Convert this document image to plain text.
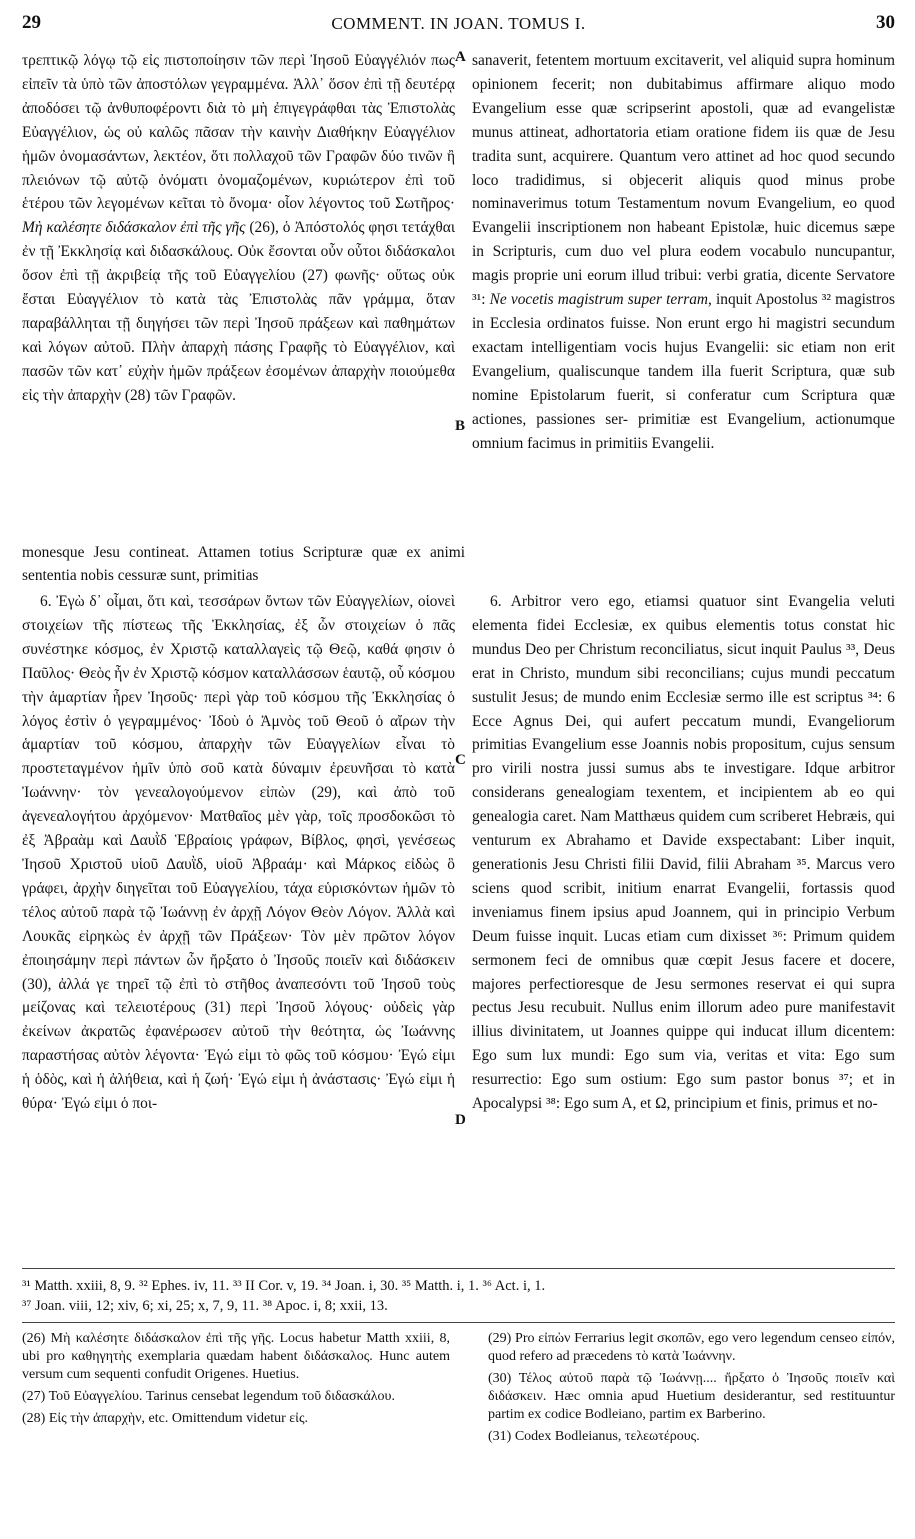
29	COMMENT. IN JOAN. TOMUS I.	30

τρεπτικῷ λόγῳ τῷ εἰς πιστοποίησιν τῶν περὶ Ἰησοῦ Εὐαγγέλιόν πως εἰπεῖν τὰ ὑπὸ τῶν ἀποστόλων γεγραμμένα. Ἀλλ᾽ ὅσον ἐπὶ τῇ δευτέρᾳ ἀποδόσει τῷ ἀνθυποφέροντι διὰ τὸ μὴ ἐπιγεγράφθαι τὰς Ἐπιστολὰς Εὐαγγέλιον, ὡς οὐ καλῶς πᾶσαν τὴν καινὴν Διαθήκην Εὐαγγέλιον ἡμῶν ὀνομασάντων, λεκτέον, ὅτι πολλαχοῦ τῶν Γραφῶν δύο τινῶν ἢ πλειόνων τῷ αὐτῷ ὀνόματι ὀνομαζομένων, κυριώτερον ἐπὶ τοῦ ἑτέρου τῶν λεγομένων κεῖται τὸ ὄνομα· οἷον λέγοντος τοῦ Σωτῆρος· Μὴ καλέσητε διδάσκαλον ἐπὶ τῆς γῆς (26), ὁ Ἀπόστολός φησι τετάχθαι ἐν τῇ Ἐκκλησίᾳ καὶ διδασκάλους. Οὐκ ἔσονται οὖν οὗτοι διδάσκαλοι ὅσον ἐπὶ τῇ ἀκριβείᾳ τῆς τοῦ Εὐαγγελίου (27) φωνῆς· οὕτως οὐκ ἔσται Εὐαγγέλιον τὸ κατὰ τὰς Ἐπιστολὰς πᾶν γράμμα, ὅταν παραβάλληται τῇ διηγήσει τῶν περὶ Ἰησοῦ πράξεων καὶ παθημάτων καὶ λόγων αὐτοῦ. Πλὴν ἀπαρχὴ πάσης Γραφῆς τὸ Εὐαγγέλιον, καὶ πασῶν τῶν κατ᾽ εὐχὴν ἡμῶν πράξεων ἐσομένων ἀπαρχὴν ποιούμεθα εἰς τὴν ἀπαρχὴν (28) τῶν Γραφῶν.

sanaverit, fetentem mortuum excitaverit, vel aliquid supra hominum opinionem fecerit; non dubitabimus affirmare aliquo modo Evangelium esse quæ scripserint apostoli, quæ ad evangelistæ munus attineat, adhortatoria etiam oratione fidem iis quæ de Jesu tradita sunt, acquirere. Quantum vero attinet ad hoc quod secundo loco tradidimus, si objecerit aliquis quod minus probe nominaverimus totum Testamentum novum Evangelium, eo quod Evangelii inscriptionem non habeant Epistolæ, huic dicemus sæpe in Scripturis, cum duo vel plura eodem vocabulo nuncupantur, magis proprie uni eorum illud tribui: verbi gratia, dicente Servatore ³¹: Ne vocetis magistrum super terram, inquit Apostolus ³² magistros in Ecclesia ordinatos fuisse. Non erunt ergo hi magistri secundum exactam intelligentiam vocis hujus Evangelii: sic etiam non erit Evangelium, qualiscunque tandem illa fuerit Scriptura, quæ sub nomine Epistolarum fuerit, si conferatur cum Scriptura quæ actiones, passiones ser- primitiæ est Evangelium, actionumque omnium facimus in primitiis Evangelii.

monesque Jesu contineat. Attamen totius Scripturæ quæ ex animi sententia nobis cessuræ sunt, primitias

A
B
C
D

6. Ἐγὼ δ᾽ οἶμαι, ὅτι καὶ, τεσσάρων ὄντων τῶν Εὐαγγελίων, οἱονεὶ στοιχείων τῆς πίστεως τῆς Ἐκκλησίας, ἐξ ὧν στοιχείων ὁ πᾶς συνέστηκε κόσμος, ἐν Χριστῷ καταλλαγεὶς τῷ Θεῷ, καθά φησιν ὁ Παῦλος· Θεὸς ἦν ἐν Χριστῷ κόσμον καταλλάσσων ἑαυτῷ, οὗ κόσμου τὴν ἁμαρτίαν ἦρεν Ἰησοῦς· περὶ γὰρ τοῦ κόσμου τῆς Ἐκκλησίας ὁ λόγος ἐστὶν ὁ γεγραμμένος· Ἰδοὺ ὁ Ἀμνὸς τοῦ Θεοῦ ὁ αἴρων τὴν ἁμαρτίαν τοῦ κόσμου, ἀπαρχὴν τῶν Εὐαγγελίων εἶναι τὸ προστεταγμένον ἡμῖν ὑπὸ σοῦ κατὰ δύναμιν ἐρευνῆσαι τὸ κατὰ Ἰωάννην· τὸν γενεαλογούμενον εἰπὼν (29), καὶ ἀπὸ τοῦ ἀγενεαλογήτου ἀρχόμενον· Ματθαῖος μὲν γὰρ, τοῖς προσδοκῶσι τὸ ἐξ Ἀβραὰμ καὶ Δαυῒδ Ἑβραίοις γράφων, Βίβλος, φησὶ, γενέσεως Ἰησοῦ Χριστοῦ υἱοῦ Δαυῒδ, υἱοῦ Ἀβραάμ· καὶ Μάρκος εἰδὼς ὃ γράφει, ἀρχὴν διηγεῖται τοῦ Εὐαγγελίου, τάχα εὑρισκόντων ἡμῶν τὸ τέλος αὐτοῦ παρὰ τῷ Ἰωάννῃ ἐν ἀρχῇ Λόγον Θεὸν Λόγον. Ἀλλὰ καὶ Λουκᾶς εἰρηκὼς ἐν ἀρχῇ τῶν Πράξεων· Τὸν μὲν πρῶτον λόγον ἐποιησάμην περὶ πάντων ὧν ἤρξατο ὁ Ἰησοῦς ποιεῖν καὶ διδάσκειν (30), ἀλλά γε τηρεῖ τῷ ἐπὶ τὸ στῆθος ἀναπεσόντι τοῦ Ἰησοῦ τοὺς μείζονας καὶ τελειοτέρους (31) περὶ Ἰησοῦ λόγους· οὐδεὶς γὰρ ἐκείνων ἀκρατῶς ἐφανέρωσεν αὐτοῦ τὴν θεότητα, ὡς Ἰωάννης παραστήσας αὐτὸν λέγοντα· Ἐγώ εἰμι τὸ φῶς τοῦ κόσμου· Ἐγώ εἰμι ἡ ὁδὸς, καὶ ἡ ἀλήθεια, καὶ ἡ ζωή· Ἐγώ εἰμι ἡ ἀνάστασις· Ἐγώ εἰμι ἡ θύρα· Ἐγώ εἰμι ὁ ποι-

6. Arbitror vero ego, etiamsi quatuor sint Evangelia veluti elementa fidei Ecclesiæ, ex quibus elementis totus constat hic mundus Deo per Christum reconciliatus, sicut inquit Paulus ³³, Deus erat in Christo, mundum sibi reconcilians; cujus mundi peccatum sustulit Jesus; de mundo enim Ecclesiæ sermo ille est scriptus ³⁴: 6 Ecce Agnus Dei, qui aufert peccatum mundi, Evangeliorum primitias Evangelium esse Joannis nobis propositum, cujus sensum pro virili nostra jussi sumus abs te investigare. Idque arbitror considerans genealogiam texentem, et incipientem ab eo qui genealogia caret. Nam Matthæus quidem cum scriberet Hebræis, qui venturum ex Abrahamo et Davide exspectabant: Liber inquit, generationis Jesu Christi filii David, filii Abraham ³⁵. Marcus vero sciens quod scribit, initium enarrat Evangelii, fortassis quod inveniamus finem ipsius apud Joannem, qui in principio Verbum Deum fuisse inquit. Lucas etiam cum dixisset ³⁶: Primum quidem sermonem feci de omnibus quæ cœpit Jesus facere et docere, majores perfectioresque de Jesu sermones reservat ei qui supra pectus Jesu recubuit. Nullus enim illorum adeo pure manifestavit illius divinitatem, ut Joannes quippe qui inducat illum dicentem: Ego sum lux mundi: Ego sum via, veritas et vita: Ego sum resurrectio: Ego sum ostium: Ego sum pastor bonus ³⁷; et in Apocalypsi ³⁸: Ego sum A, et Ω, principium et finis, primus et no-

³¹ Matth. xxiii, 8, 9. ³² Ephes. iv, 11. ³³ II Cor. v, 19. ³⁴ Joan. i, 30. ³⁵ Matth. i, 1. ³⁶ Act. i, 1.

³⁷ Joan. viii, 12; xiv, 6; xi, 25; x, 7, 9, 11. ³⁸ Apoc. i, 8; xxii, 13.

(26) Μὴ καλέσητε διδάσκαλον ἐπὶ τῆς γῆς. Locus habetur Matth xxiii, 8, ubi pro καθηγητὴς exemplaria quædam habent διδάσκαλος. Hunc autem versum cum sequenti confudit Origenes. Huetius.

(27) Τοῦ Εὐαγγελίου. Tarinus censebat legendum τοῦ διδασκάλου.

(28) Εἰς τὴν ἀπαρχὴν, etc. Omittendum videtur εἰς.

(29) Pro εἰπὼν Ferrarius legit σκοπῶν, ego vero legendum censeo εἰπόν, quod refero ad præcedens τὸ κατὰ Ἰωάννην.

(30) Τέλος αὐτοῦ παρὰ τῷ Ἰωάννῃ.... ἤρξατο ὁ Ἰησοῦς ποιεῖν καὶ διδάσκειν. Hæc omnia apud Huetium desiderantur, sed restituuntur partim ex codice Bodleiano, partim ex Barberino.

(31) Codex Bodleianus, τελεωτέρους.
